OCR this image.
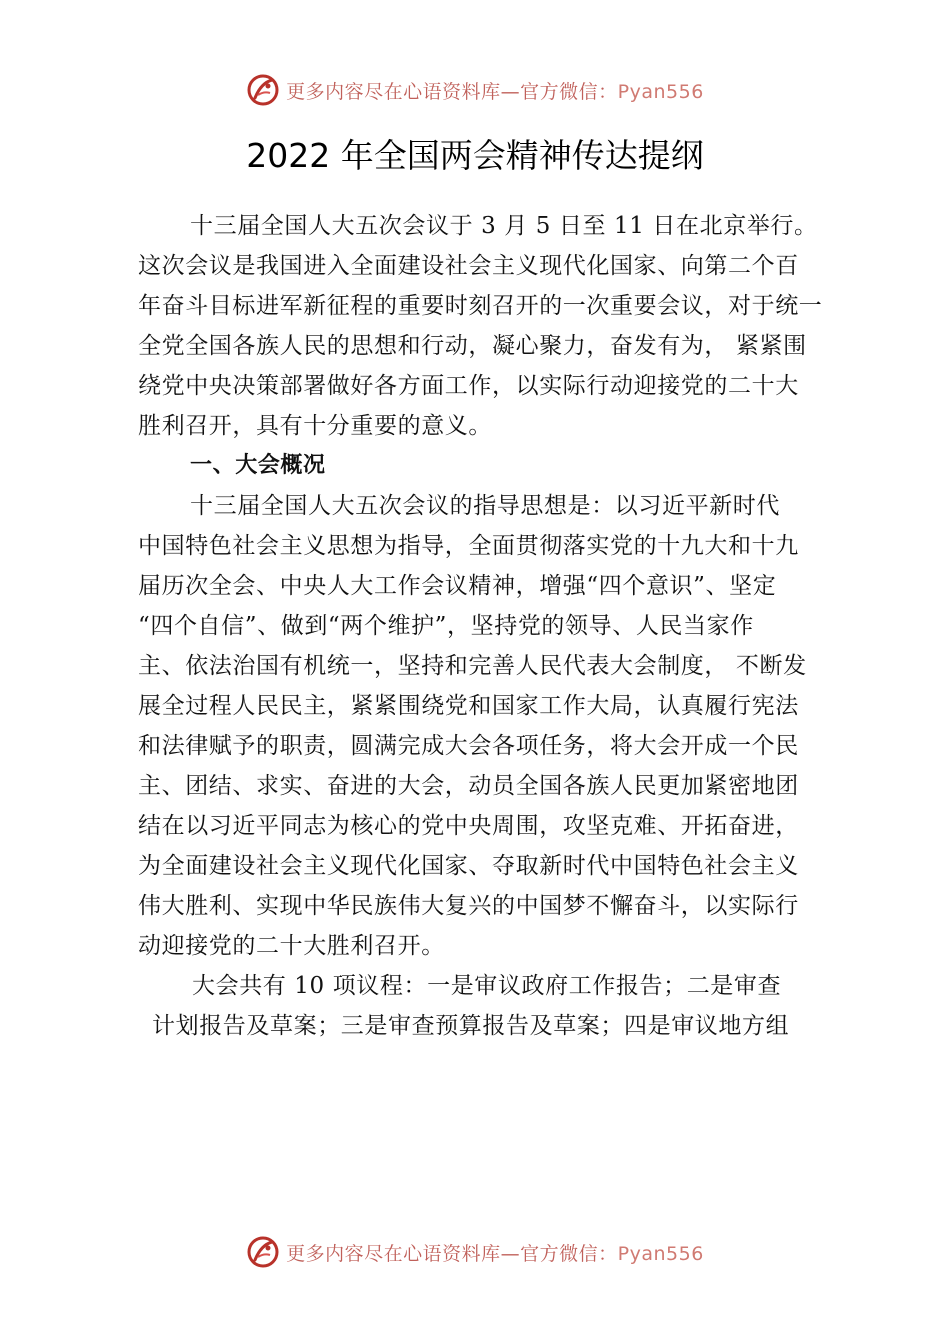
更多内容尽在心语资料库—官方微信：Pyan556
2022 年全国两会精神传达提纲
十三届全国人大五次会议于 3 月 5 日至 11 日在北京举行。
这次会议是我国进入全面建设社会主义现代化国家、向第二个百
年奋斗目标进军新征程的重要时刻召开的一次重要会议，对于统一
全党全国各族人民的思想和行动，凝心聚力，奋发有为， 紧紧围
绕党中央决策部署做好各方面工作，以实际行动迎接党的二十大
胜利召开，具有十分重要的意义。
一、大会概况
十三届全国人大五次会议的指导思想是：以习近平新时代
中国特色社会主义思想为指导，全面贯彻落实党的十九大和十九
届历次全会、中央人大工作会议精神，增强“四个意识”、坚定
“四个自信”、做到“两个维护”，坚持党的领导、人民当家作
主、依法治国有机统一，坚持和完善人民代表大会制度， 不断发
展全过程人民民主，紧紧围绕党和国家工作大局，认真履行宪法
和法律赋予的职责，圆满完成大会各项任务，将大会开成一个民
主、团结、求实、奋进的大会，动员全国各族人民更加紧密地团
结在以习近平同志为核心的党中央周围，攻坚克难、开拓奋进，
为全面建设社会主义现代化国家、夺取新时代中国特色社会主义
伟大胜利、实现中华民族伟大复兴的中国梦不懈奋斗，以实际行
动迎接党的二十大胜利召开。
大会共有 10 项议程：一是审议政府工作报告；二是审查
计划报告及草案；三是审查预算报告及草案；四是审议地方组
更多内容尽在心语资料库—官方微信：Pyan556
